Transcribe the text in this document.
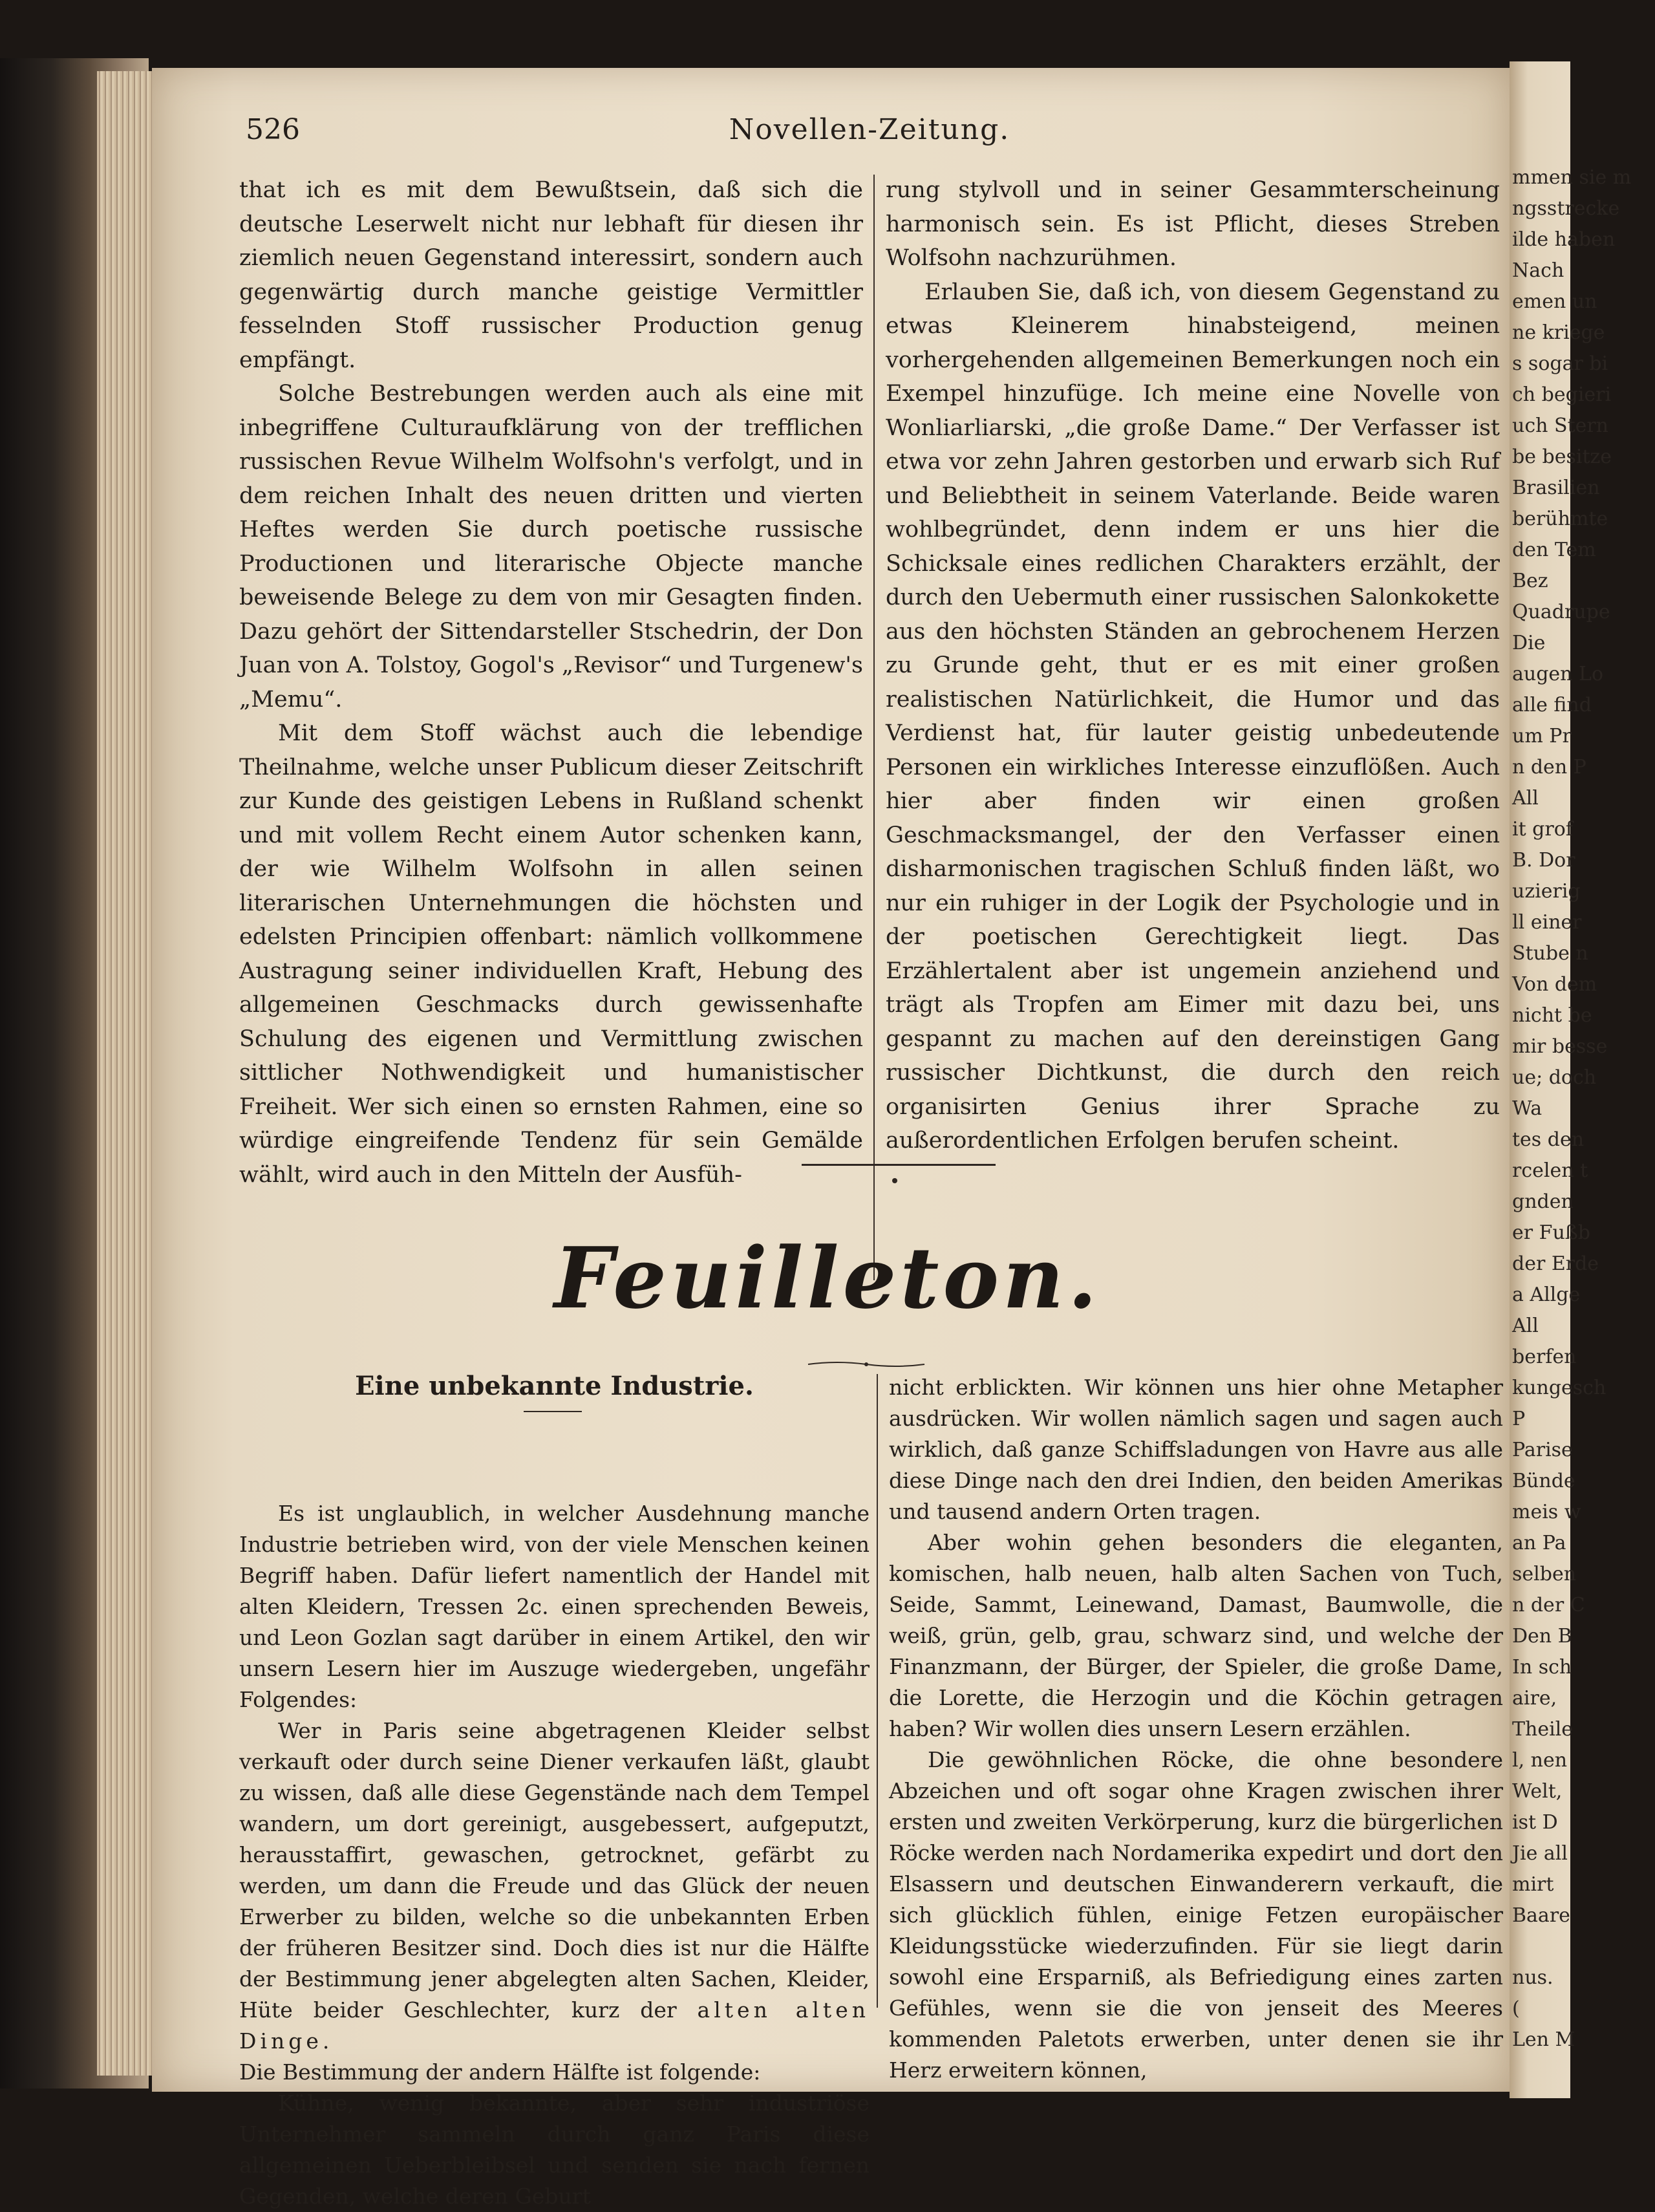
mmen sie m
ngsstrecke
ilde haben
Nach
emen un
ne kriege
s sogar bi
ch begieri
uch Stern
be besitze
Brasilien
berühmte
den Tem
Bez
Quadrupe
Die
augen Lo
alle find
um Pr
n den P
All
it grof
B. Dor
uzierig
ll einer
Stube n
Von dem
nicht be
mir besse
ue; doch
Wa
tes den
rcelen t
gnden
er Fußb
der Erde
a Allge
All
berfen
kungesch
P
Parise
Bünde
meis w
an Pa
selben
n der C
Den B
In sch
aire,
Theile
l, nen
Welt,
ist D
Jie all
mirt
Baare
nus.
(
Len M
526	Novellen-Zeitung.

that ich es mit dem Bewußtsein, daß sich die deutsche Leserwelt nicht nur lebhaft für diesen ihr ziemlich neuen Gegenstand interessirt, sondern auch gegenwärtig durch manche geistige Vermittler fesselnden Stoff russischer Production genug empfängt.

Solche Bestrebungen werden auch als eine mit inbegriffene Culturaufklärung von der trefflichen russischen Revue Wilhelm Wolfsohn's verfolgt, und in dem reichen Inhalt des neuen dritten und vierten Heftes werden Sie durch poetische russische Productionen und literarische Objecte manche beweisende Belege zu dem von mir Gesagten finden. Dazu gehört der Sittendarsteller Stschedrin, der Don Juan von A. Tolstoy, Gogol's „Revisor“ und Turgenew's „Memu“.

Mit dem Stoff wächst auch die lebendige Theilnahme, welche unser Publicum dieser Zeitschrift zur Kunde des geistigen Lebens in Rußland schenkt und mit vollem Recht einem Autor schenken kann, der wie Wilhelm Wolfsohn in allen seinen literarischen Unternehmungen die höchsten und edelsten Principien offenbart: nämlich vollkommene Austragung seiner individuellen Kraft, Hebung des allgemeinen Geschmacks durch gewissenhafte Schulung des eigenen und Vermittlung zwischen sittlicher Nothwendigkeit und humanistischer Freiheit. Wer sich einen so ernsten Rahmen, eine so würdige eingreifende Tendenz für sein Gemälde wählt, wird auch in den Mitteln der Ausfüh-

rung stylvoll und in seiner Gesammterscheinung harmonisch sein. Es ist Pflicht, dieses Streben Wolfsohn nachzurühmen.

Erlauben Sie, daß ich, von diesem Gegenstand zu etwas Kleinerem hinabsteigend, meinen vorhergehenden allgemeinen Bemerkungen noch ein Exempel hinzufüge. Ich meine eine Novelle von Wonliarliarski, „die große Dame.“ Der Verfasser ist etwa vor zehn Jahren gestorben und erwarb sich Ruf und Beliebtheit in seinem Vaterlande. Beide waren wohlbegründet, denn indem er uns hier die Schicksale eines redlichen Charakters erzählt, der durch den Uebermuth einer russischen Salonkokette aus den höchsten Ständen an gebrochenem Herzen zu Grunde geht, thut er es mit einer großen realistischen Natürlichkeit, die Humor und das Verdienst hat, für lauter geistig unbedeutende Personen ein wirkliches Interesse einzuflößen. Auch hier aber finden wir einen großen Geschmacksmangel, der den Verfasser einen disharmonischen tragischen Schluß finden läßt, wo nur ein ruhiger in der Logik der Psychologie und in der poetischen Gerechtigkeit liegt. Das Erzählertalent aber ist ungemein anziehend und trägt als Tropfen am Eimer mit dazu bei, uns gespannt zu machen auf den dereinstigen Gang russischer Dichtkunst, die durch den reich organisirten Genius ihrer Sprache zu außerordentlichen Erfolgen berufen scheint.

Feuilleton.
Eine unbekannte Industrie.

Es ist unglaublich, in welcher Ausdehnung manche Industrie betrieben wird, von der viele Menschen keinen Begriff haben. Dafür liefert namentlich der Handel mit alten Kleidern, Tressen 2c. einen sprechenden Beweis, und Leon Gozlan sagt darüber in einem Artikel, den wir unsern Lesern hier im Auszuge wiedergeben, ungefähr Folgendes:

Wer in Paris seine abgetragenen Kleider selbst verkauft oder durch seine Diener verkaufen läßt, glaubt zu wissen, daß alle diese Gegenstände nach dem Tempel wandern, um dort gereinigt, ausgebessert, aufgeputzt, herausstaffirt, gewaschen, getrocknet, gefärbt zu werden, um dann die Freude und das Glück der neuen Erwerber zu bilden, welche so die unbekannten Erben der früheren Besitzer sind. Doch dies ist nur die Hälfte der Bestimmung jener abgelegten alten Sachen, Kleider, Hüte beider Geschlechter, kurz der alten alten Dinge.

Die Bestimmung der andern Hälfte ist folgende:

Kühne, wenig bekannte, aber sehr industriöse Unternehmer sammeln durch ganz Paris diese allgemeinen Ueberbleibsel und senden sie nach fernen Gegenden, welche deren Geburt

nicht erblickten. Wir können uns hier ohne Metapher ausdrücken. Wir wollen nämlich sagen und sagen auch wirklich, daß ganze Schiffsladungen von Havre aus alle diese Dinge nach den drei Indien, den beiden Amerikas und tausend andern Orten tragen.

Aber wohin gehen besonders die eleganten, komischen, halb neuen, halb alten Sachen von Tuch, Seide, Sammt, Leinewand, Damast, Baumwolle, die weiß, grün, gelb, grau, schwarz sind, und welche der Finanzmann, der Bürger, der Spieler, die große Dame, die Lorette, die Herzogin und die Köchin getragen haben? Wir wollen dies unsern Lesern erzählen.

Die gewöhnlichen Röcke, die ohne besondere Abzeichen und oft sogar ohne Kragen zwischen ihrer ersten und zweiten Verkörperung, kurz die bürgerlichen Röcke werden nach Nordamerika expedirt und dort den Elsassern und deutschen Einwanderern verkauft, die sich glücklich fühlen, einige Fetzen europäischer Kleidungsstücke wiederzufinden. Für sie liegt darin sowohl eine Ersparniß, als Befriedigung eines zarten Gefühles, wenn sie die von jenseit des Meeres kommenden Paletots erwerben, unter denen sie ihr Herz erweitern können,
